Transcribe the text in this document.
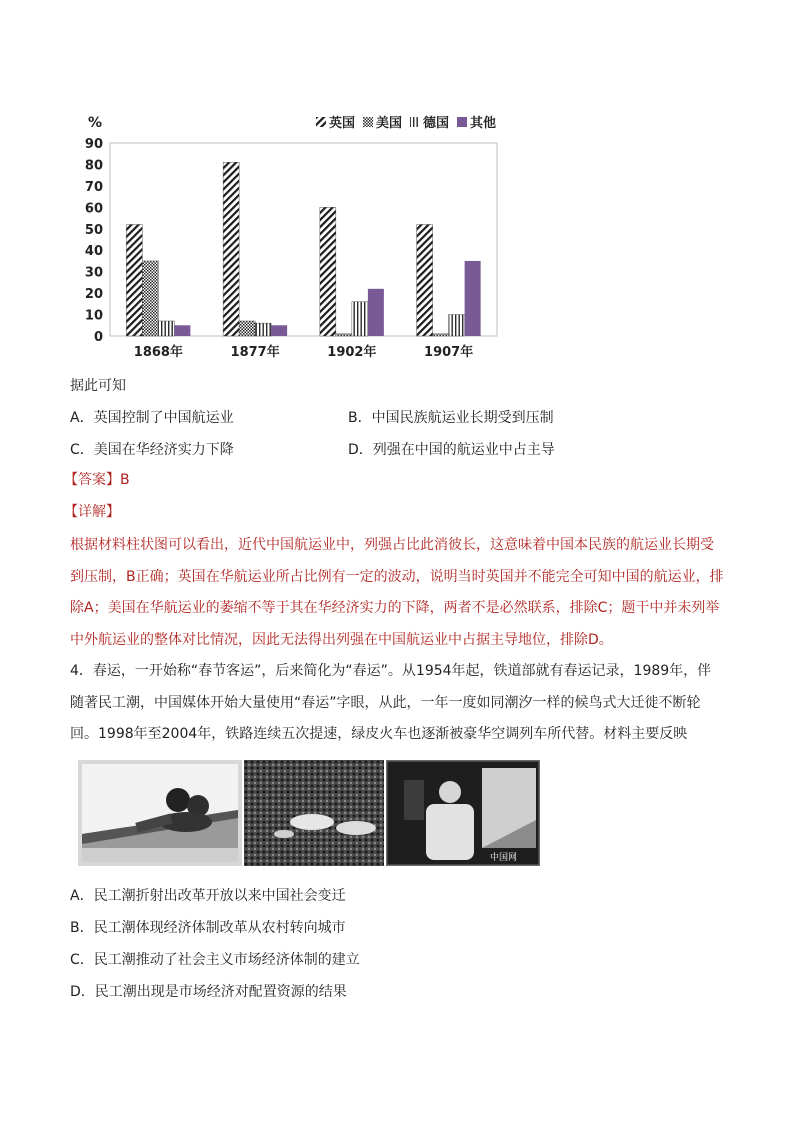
%
0
10
20
30
40
50
60
70
80
90
1868年	1877年	1902年	1907年
英国 美国 德国 其他
据此可知
A．英国控制了中国航运业	B．中国民族航运业长期受到压制
C．美国在华经济实力下降	D．列强在中国的航运业中占主导
【答案】B
【详解】
根据材料柱状图可以看出，近代中国航运业中，列强占比此消彼长，这意味着中国本民族的航运业长期受
到压制，B正确；英国在华航运业所占比例有一定的波动，说明当时英国并不能完全可知中国的航运业，排
除A；美国在华航运业的萎缩不等于其在华经济实力的下降，两者不是必然联系，排除C；题干中并未列举
中外航运业的整体对比情况，因此无法得出列强在中国航运业中占据主导地位，排除D。
4．春运，一开始称“春节客运”，后来简化为“春运”。从1954年起，铁道部就有春运记录，1989年，伴
随著民工潮，中国媒体开始大量使用“春运”字眼，从此，一年一度如同潮汐一样的候鸟式大迁徙不断轮
回。1998年至2004年，铁路连续五次提速，绿皮火车也逐渐被豪华空调列车所代替。材料主要反映
中国网
A．民工潮折射出改革开放以来中国社会变迁
B．民工潮体现经济体制改革从农村转向城市
C．民工潮推动了社会主义市场经济体制的建立
D．民工潮出现是市场经济对配置资源的结果
